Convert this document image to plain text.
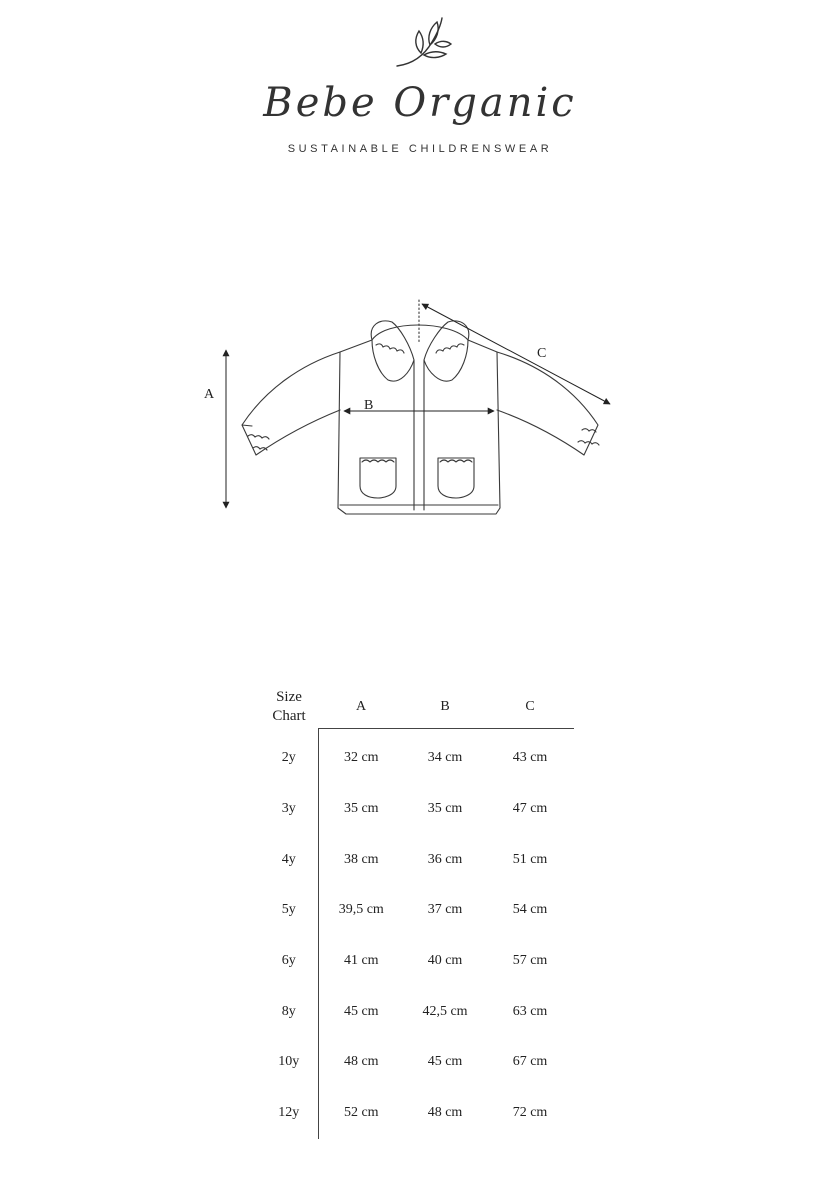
Bebe Organic
SUSTAINABLE CHILDRENSWEAR
A
B
C
Size
Chart	A	B	C
2y	32 cm	34 cm	43 cm
3y	35 cm	35 cm	47 cm
4y	38 cm	36 cm	51 cm
5y	39,5 cm	37 cm	54 cm
6y	41 cm	40 cm	57 cm
8y	45 cm	42,5 cm	63 cm
10y	48 cm	45 cm	67 cm
12y	52 cm	48 cm	72 cm
